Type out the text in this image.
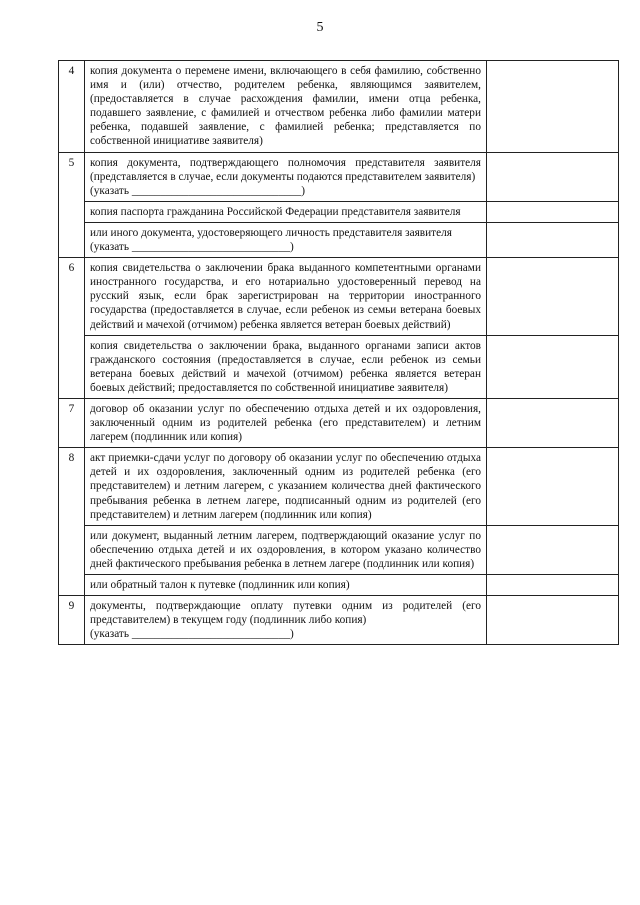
5
4	копия документа о перемене имени, включающего в себя фамилию, собственно имя и (или) отчество, родителем ребенка, являющимся заявителем, (предоставляется в случае расхождения фамилии, имени отца ребенка, подавшего заявление, с фамилией и отчеством ребенка либо фамилии матери ребенка, подавшей заявление, с фамилией ребенка; представляется по собственной инициативе заявителя)	

5	копия документа, подтверждающего полномочия представителя заявителя (представляется в случае, если документы подаются представителем заявителя)
(указать ______________________________)	

	копия паспорта гражданина Российской Федерации представителя заявителя	

	или иного документа, удостоверяющего личность представителя заявителя
(указать ____________________________)	

6	копия свидетельства о заключении брака выданного компетентными органами иностранного государства, и его нотариально удостоверенный перевод на русский язык, если брак зарегистрирован на территории иностранного государства (предоставляется в случае, если ребенок из семьи ветерана боевых действий и мачехой (отчимом) ребенка является ветеран боевых действий)	

	копия свидетельства о заключении брака, выданного органами записи актов гражданского состояния (предоставляется в случае, если ребенок из семьи ветерана боевых действий и мачехой (отчимом) ребенка является ветеран боевых действий; предоставляется по собственной инициативе заявителя)	

7	договор об оказании услуг по обеспечению отдыха детей и их оздоровления, заключенный одним из родителей ребенка (его представителем) и летним лагерем (подлинник или копия)	

8	акт приемки-сдачи услуг по договору об оказании услуг по обеспечению отдыха детей и их оздоровления, заключенный одним из родителей ребенка (его представителем) и летним лагерем, с указанием количества дней фактического пребывания ребенка в летнем лагере, подписанный одним из родителей (его представителем) и летним лагерем (подлинник или копия)	

	или документ, выданный летним лагерем, подтверждающий оказание услуг по обеспечению отдыха детей и их оздоровления, в котором указано количество дней фактического пребывания ребенка в летнем лагере (подлинник или копия)	

	или обратный талон к путевке (подлинник или копия)	

9	документы, подтверждающие оплату путевки одним из родителей (его представителем) в текущем году (подлинник либо копия)
(указать ____________________________)	
